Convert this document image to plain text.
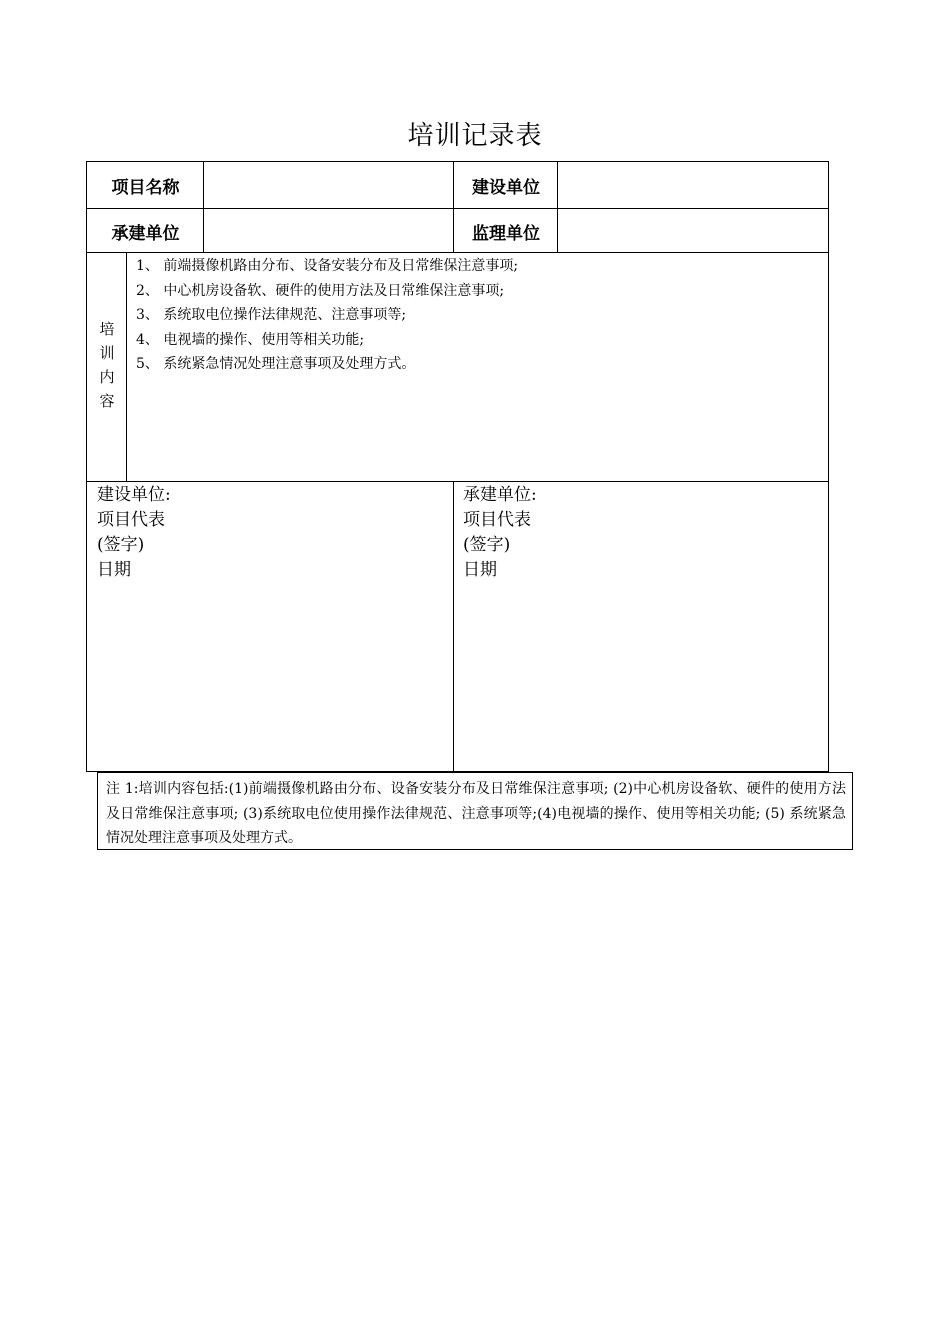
培训记录表
项目名称	建设单位
承建单位	监理单位
培
训
内
容
1、 前端摄像机路由分布、设备安装分布及日常维保注意事项;
2、 中心机房设备软、硬件的使用方法及日常维保注意事项;
3、 系统取电位操作法律规范、注意事项等;
4、 电视墙的操作、使用等相关功能;
5、 系统紧急情况处理注意事项及处理方式。
建设单位:
项目代表
(签字)
日期
承建单位:
项目代表
(签字)
日期
注 1:培训内容包括:(1)前端摄像机路由分布、设备安装分布及日常维保注意事项; (2)中心机房设备软、硬件的使用方法及日常维保注意事项; (3)系统取电位使用操作法律规范、注意事项等;(4)电视墙的操作、使用等相关功能; (5) 系统紧急情况处理注意事项及处理方式。
